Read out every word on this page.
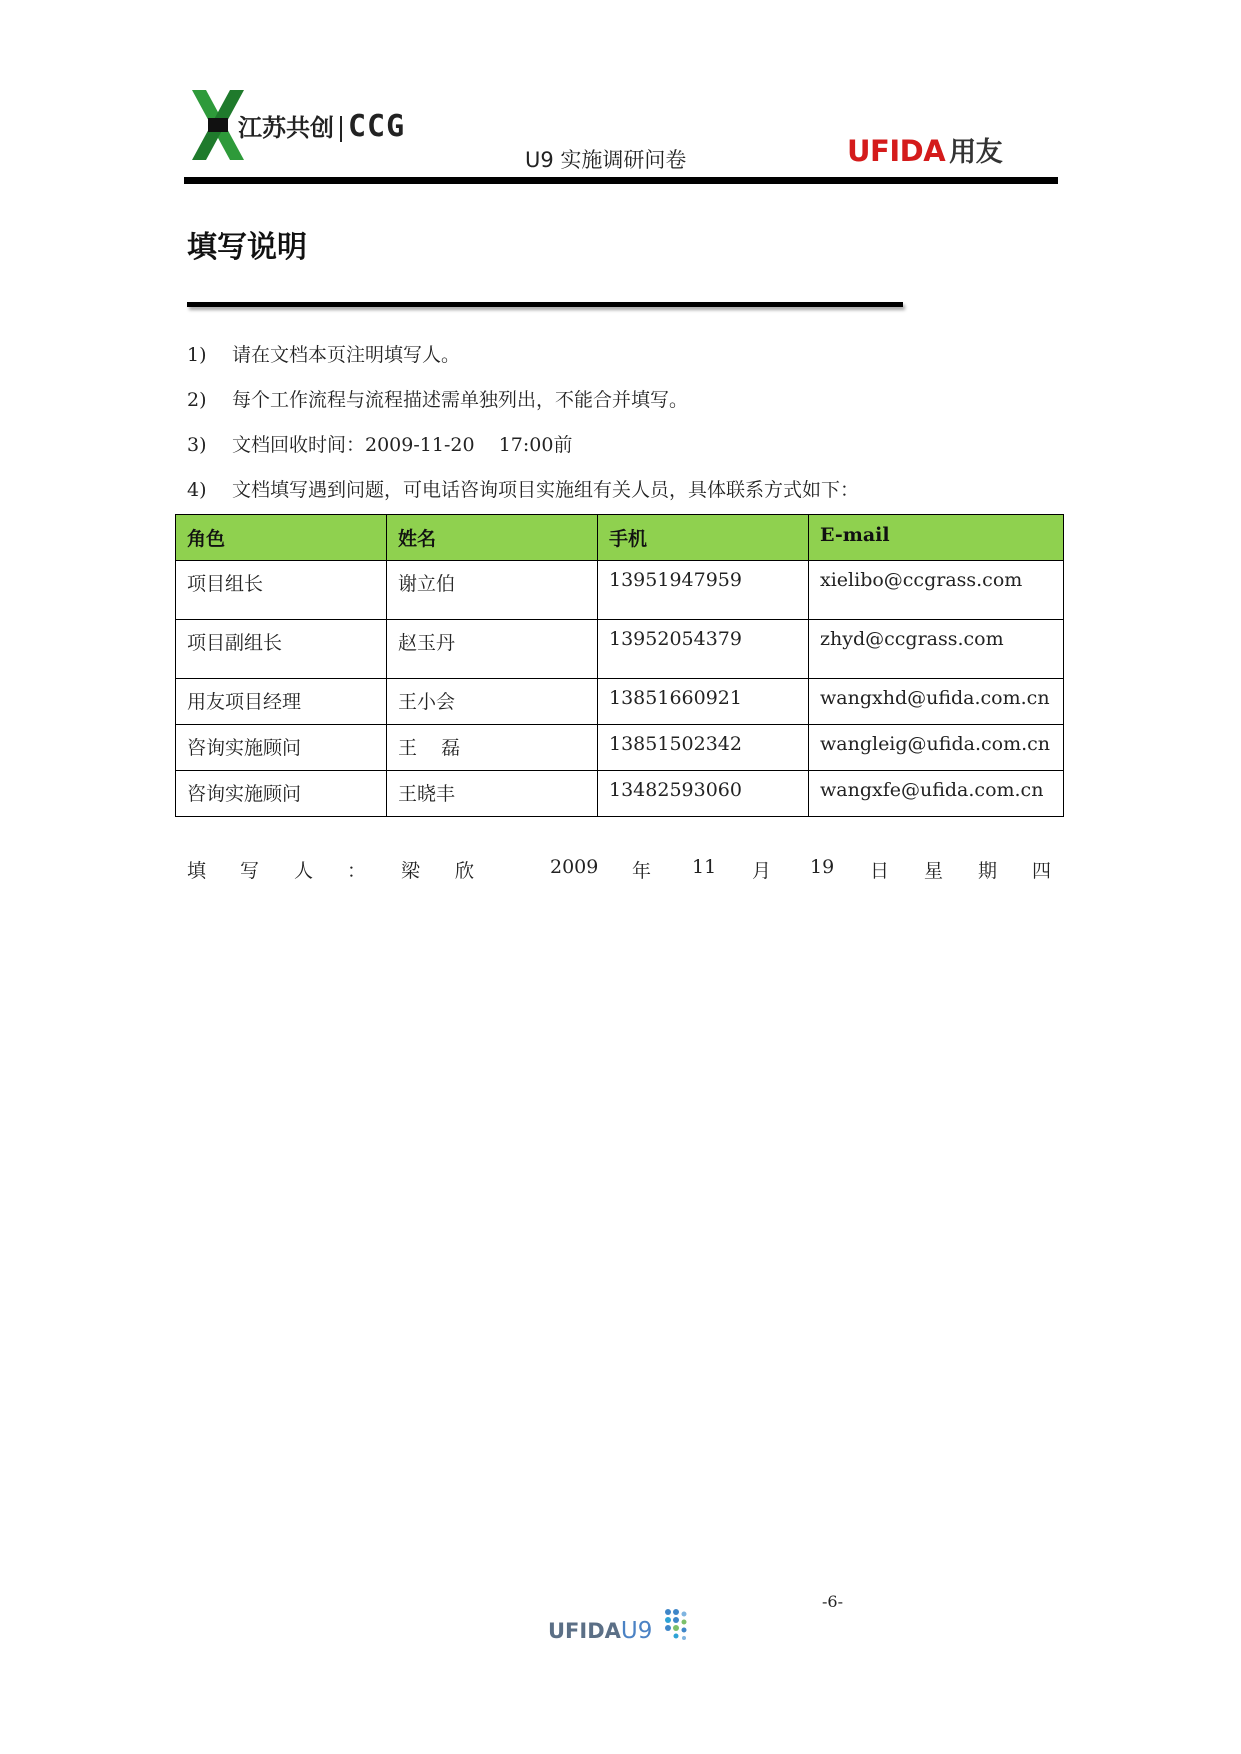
江苏共创 CCG
U9 实施调研问卷	UFIDA 用友
填写说明
1) 请在文档本页注明填写人。
2) 每个工作流程与流程描述需单独列出，不能合并填写。
3) 文档回收时间：2009-11-20    17:00前
4) 文档填写遇到问题，可电话咨询项目实施组有关人员，具体联系方式如下：
角色	姓名	手机	E-mail
项目组长	谢立伯	13951947959	xielibo@ccgrass.com
项目副组长	赵玉丹	13952054379	zhyd@ccgrass.com
用友项目经理	王小会	13851660921	wangxhd@ufida.com.cn
咨询实施顾问	王    磊	13851502342	wangleig@ufida.com.cn
咨询实施顾问	王晓丰	13482593060	wangxfe@ufida.com.cn
填 写 人 ： 梁 欣	2009 年 11 月 19 日 星 期 四
-6-
UFIDAU9
